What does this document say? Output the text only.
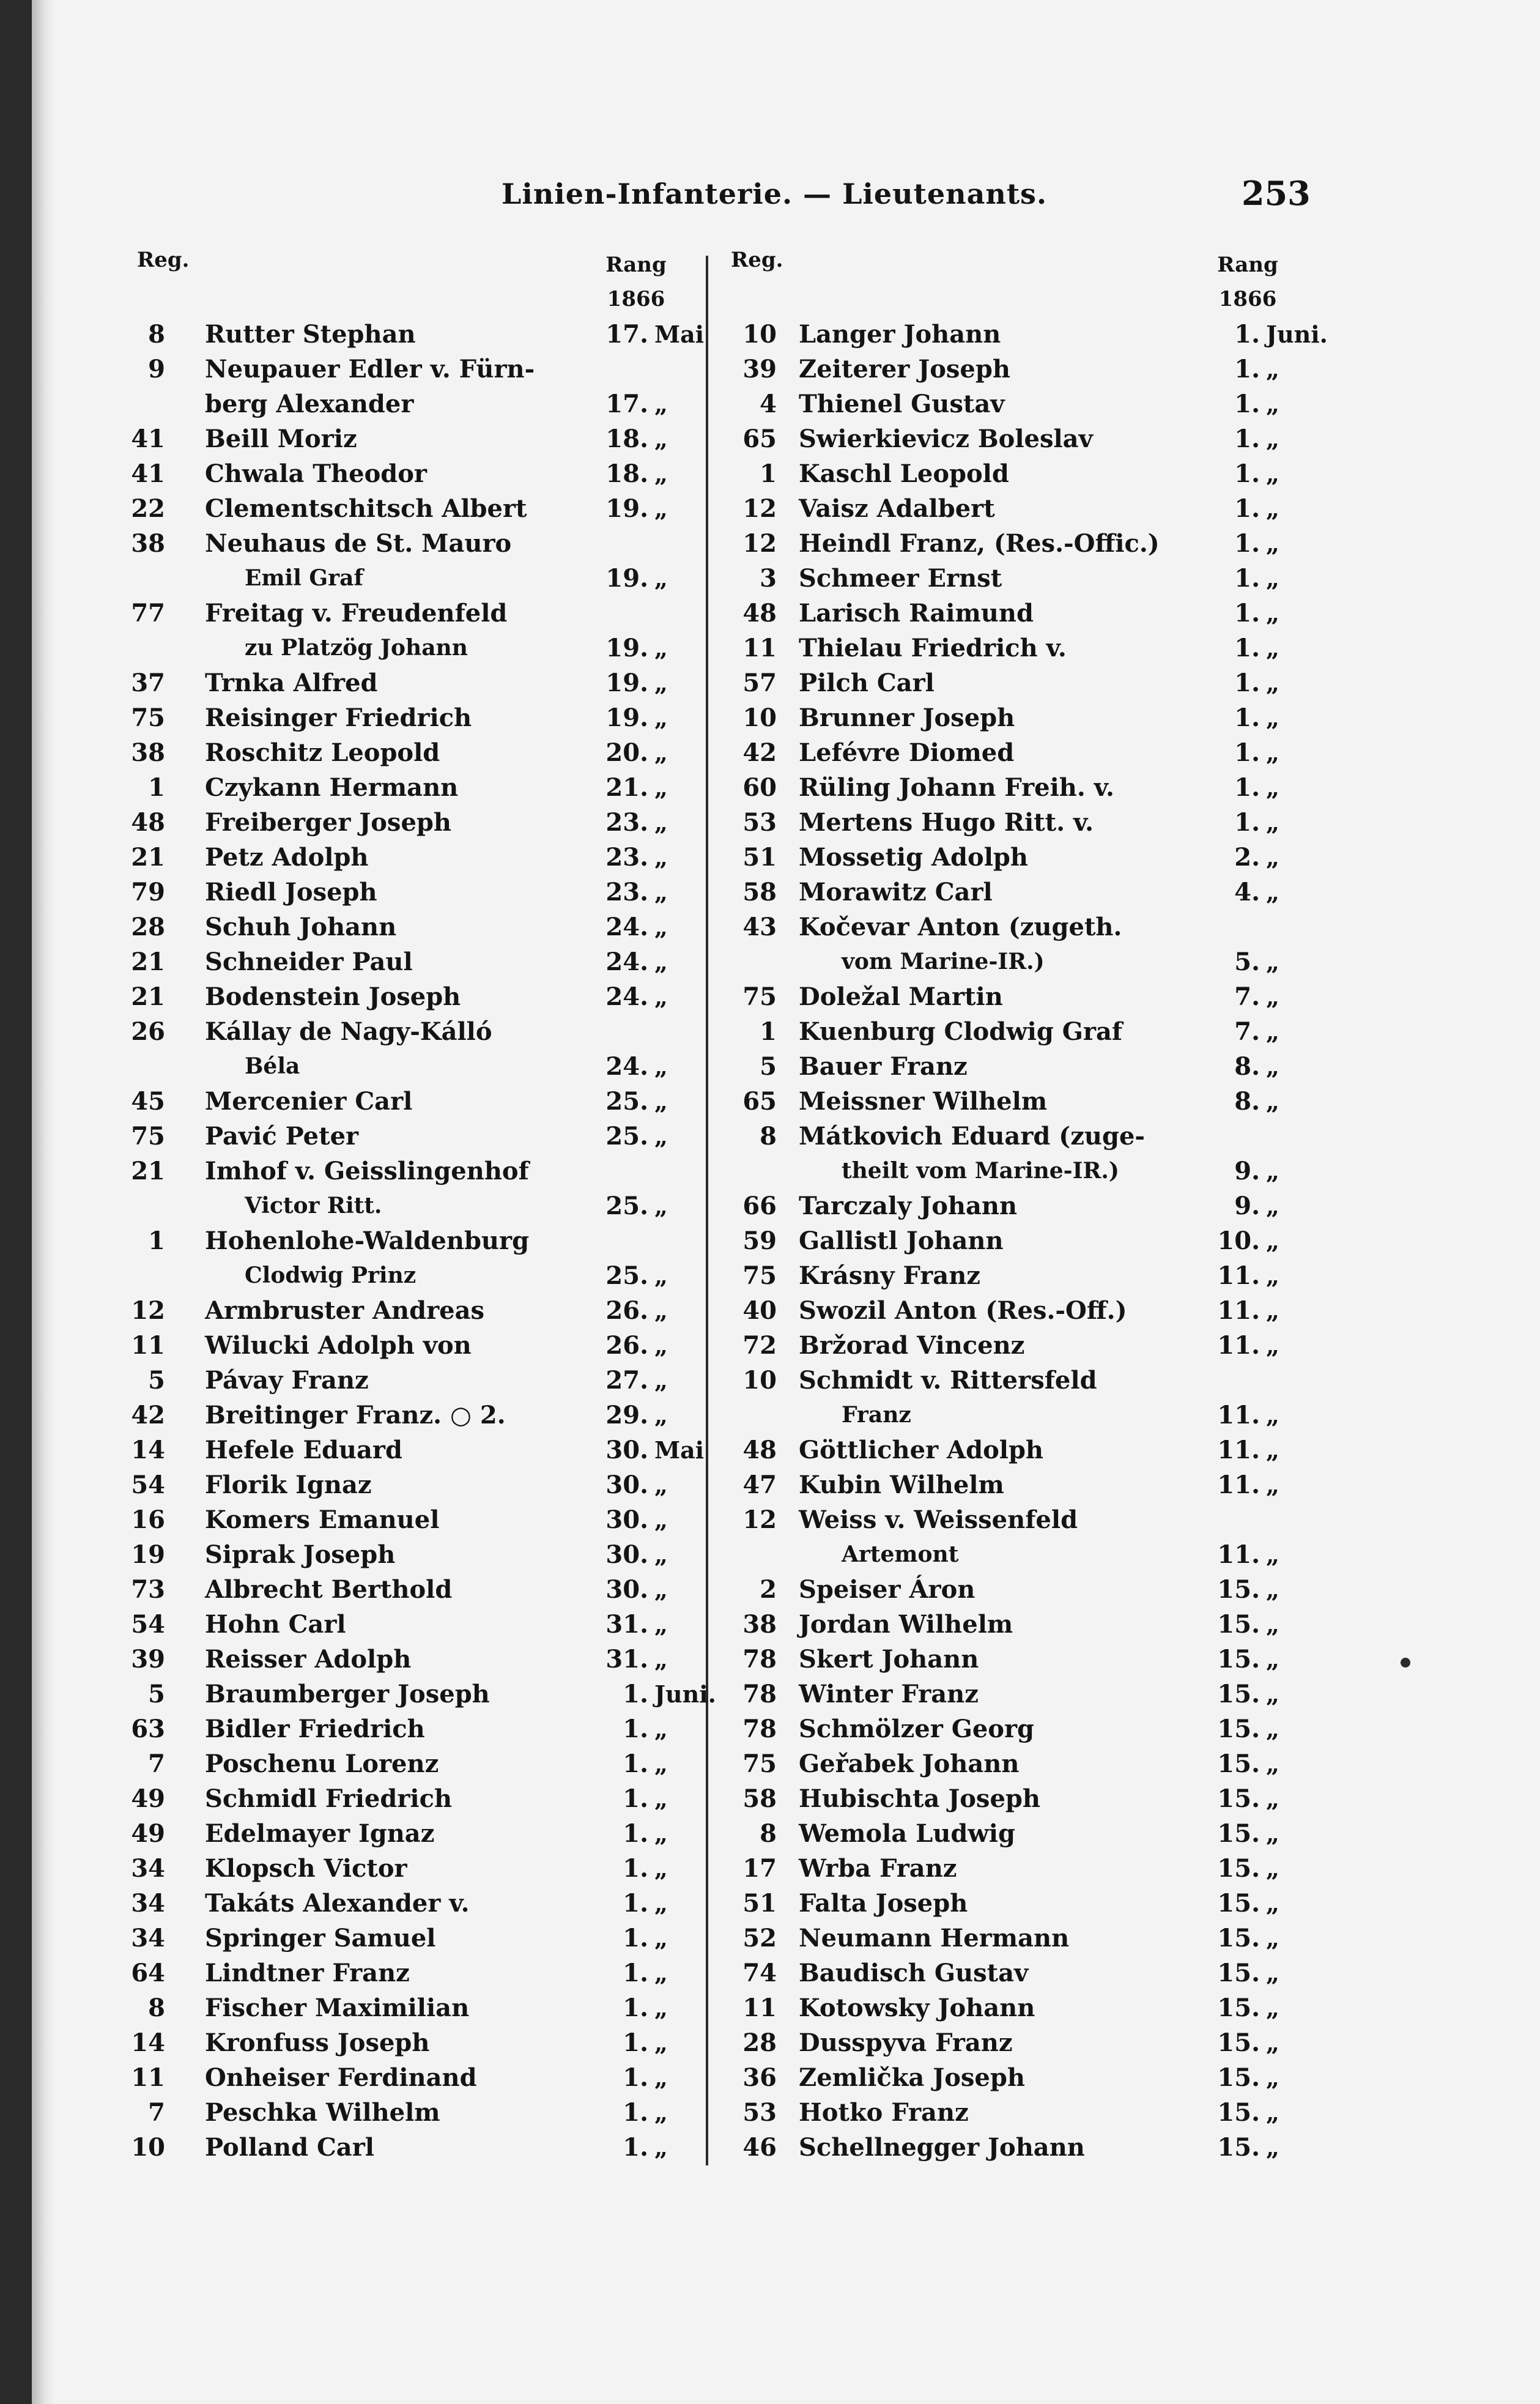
Linien-Infanterie. — Lieutenants.	253
Reg.	Rang
1866
Reg.	Rang
1866
8 Rutter Stephan	17. Mai
9 Neupauer Edler v. Fürn-
berg Alexander	17. „
41 Beill Moriz	18. „
41 Chwala Theodor	18. „
22 Clementschitsch Albert	19. „
38 Neuhaus de St. Mauro
Emil Graf	19. „
77 Freitag v. Freudenfeld
zu Platzög Johann	19. „
37 Trnka Alfred	19. „
75 Reisinger Friedrich	19. „
38 Roschitz Leopold	20. „
1 Czykann Hermann	21. „
48 Freiberger Joseph	23. „
21 Petz Adolph	23. „
79 Riedl Joseph	23. „
28 Schuh Johann	24. „
21 Schneider Paul	24. „
21 Bodenstein Joseph	24. „
26 Kállay de Nagy-Kálló
Béla	24. „
45 Mercenier Carl	25. „
75 Pavić Peter	25. „
21 Imhof v. Geisslingenhof
Victor Ritt.	25. „
1 Hohenlohe-Waldenburg
Clodwig Prinz	25. „
12 Armbruster Andreas	26. „
11 Wilucki Adolph von	26. „
5 Pávay Franz	27. „
42 Breitinger Franz. ○ 2.	29. „
14 Hefele Eduard	30. Mai
54 Florik Ignaz	30. „
16 Komers Emanuel	30. „
19 Siprak Joseph	30. „
73 Albrecht Berthold	30. „
54 Hohn Carl	31. „
39 Reisser Adolph	31. „
5 Braumberger Joseph	1. Juni.
63 Bidler Friedrich	1. „
7 Poschenu Lorenz	1. „
49 Schmidl Friedrich	1. „
49 Edelmayer Ignaz	1. „
34 Klopsch Victor	1. „
34 Takáts Alexander v.	1. „
34 Springer Samuel	1. „
64 Lindtner Franz	1. „
8 Fischer Maximilian	1. „
14 Kronfuss Joseph	1. „
11 Onheiser Ferdinand	1. „
7 Peschka Wilhelm	1. „
10 Polland Carl	1. „
10 Langer Johann	1. Juni.
39 Zeiterer Joseph	1. „
4 Thienel Gustav	1. „
65 Swierkievicz Boleslav	1. „
1 Kaschl Leopold	1. „
12 Vaisz Adalbert	1. „
12 Heindl Franz, (Res.-Offic.)	1. „
3 Schmeer Ernst	1. „
48 Larisch Raimund	1. „
11 Thielau Friedrich v.	1. „
57 Pilch Carl	1. „
10 Brunner Joseph	1. „
42 Lefévre Diomed	1. „
60 Rüling Johann Freih. v.	1. „
53 Mertens Hugo Ritt. v.	1. „
51 Mossetig Adolph	2. „
58 Morawitz Carl	4. „
43 Kočevar Anton (zugeth.
vom Marine-IR.)	5. „
75 Doležal Martin	7. „
1 Kuenburg Clodwig Graf	7. „
5 Bauer Franz	8. „
65 Meissner Wilhelm	8. „
8 Mátkovich Eduard (zuge-
theilt vom Marine-IR.)	9. „
66 Tarczaly Johann	9. „
59 Gallistl Johann	10. „
75 Krásny Franz	11. „
40 Swozil Anton (Res.-Off.)	11. „
72 Bržorad Vincenz	11. „
10 Schmidt v. Rittersfeld
Franz	11. „
48 Göttlicher Adolph	11. „
47 Kubin Wilhelm	11. „
12 Weiss v. Weissenfeld
Artemont	11. „
2 Speiser Áron	15. „
38 Jordan Wilhelm	15. „
78 Skert Johann	15. „
78 Winter Franz	15. „
78 Schmölzer Georg	15. „
75 Geřabek Johann	15. „
58 Hubischta Joseph	15. „
8 Wemola Ludwig	15. „
17 Wrba Franz	15. „
51 Falta Joseph	15. „
52 Neumann Hermann	15. „
74 Baudisch Gustav	15. „
11 Kotowsky Johann	15. „
28 Dusspyva Franz	15. „
36 Zemlička Joseph	15. „
53 Hotko Franz	15. „
46 Schellnegger Johann	15. „
